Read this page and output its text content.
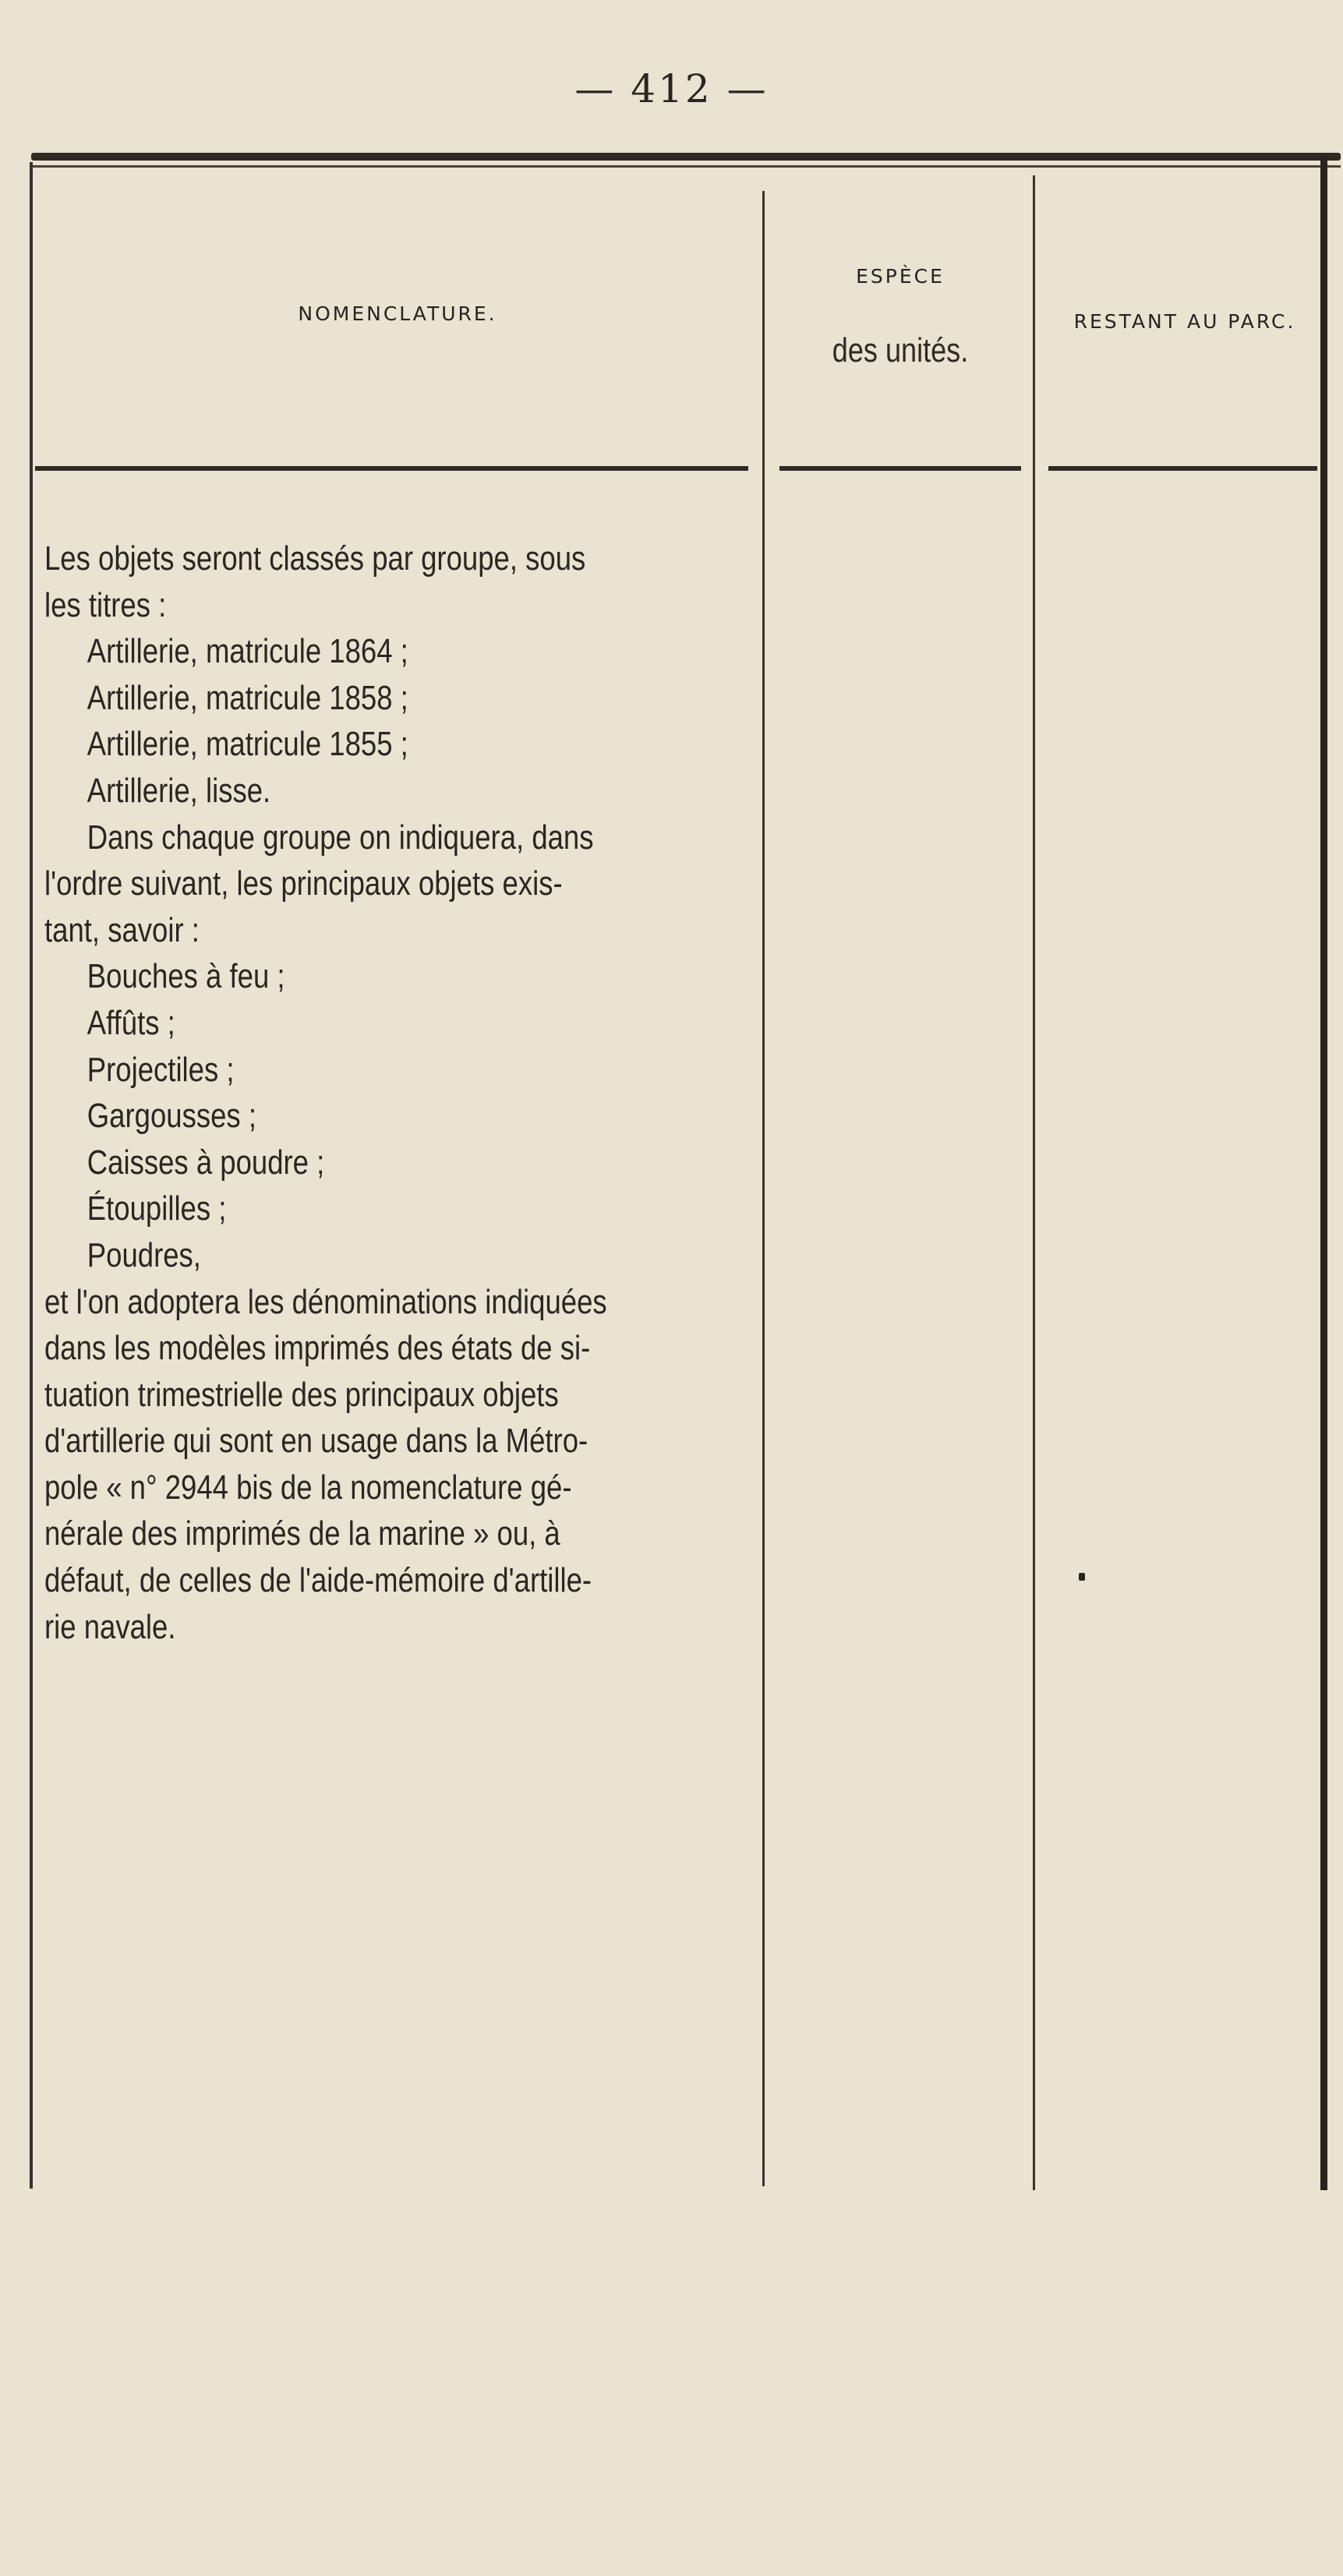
— 412 —
NOMENCLATURE.
ESPÈCE
des unités.
RESTANT AU PARC.
Les objets seront classés par groupe, sous
les titres :
Artillerie, matricule 1864 ;
Artillerie, matricule 1858 ;
Artillerie, matricule 1855 ;
Artillerie, lisse.
Dans chaque groupe on indiquera, dans
l'ordre suivant, les principaux objets exis-
tant, savoir :
Bouches à feu ;
Affûts ;
Projectiles ;
Gargousses ;
Caisses à poudre ;
Étoupilles ;
Poudres,
et l'on adoptera les dénominations indiquées
dans les modèles imprimés des états de si-
tuation trimestrielle des principaux objets
d'artillerie qui sont en usage dans la Métro-
pole « n° 2944 bis de la nomenclature gé-
nérale des imprimés de la marine » ou, à
défaut, de celles de l'aide-mémoire d'artille-
rie navale.
